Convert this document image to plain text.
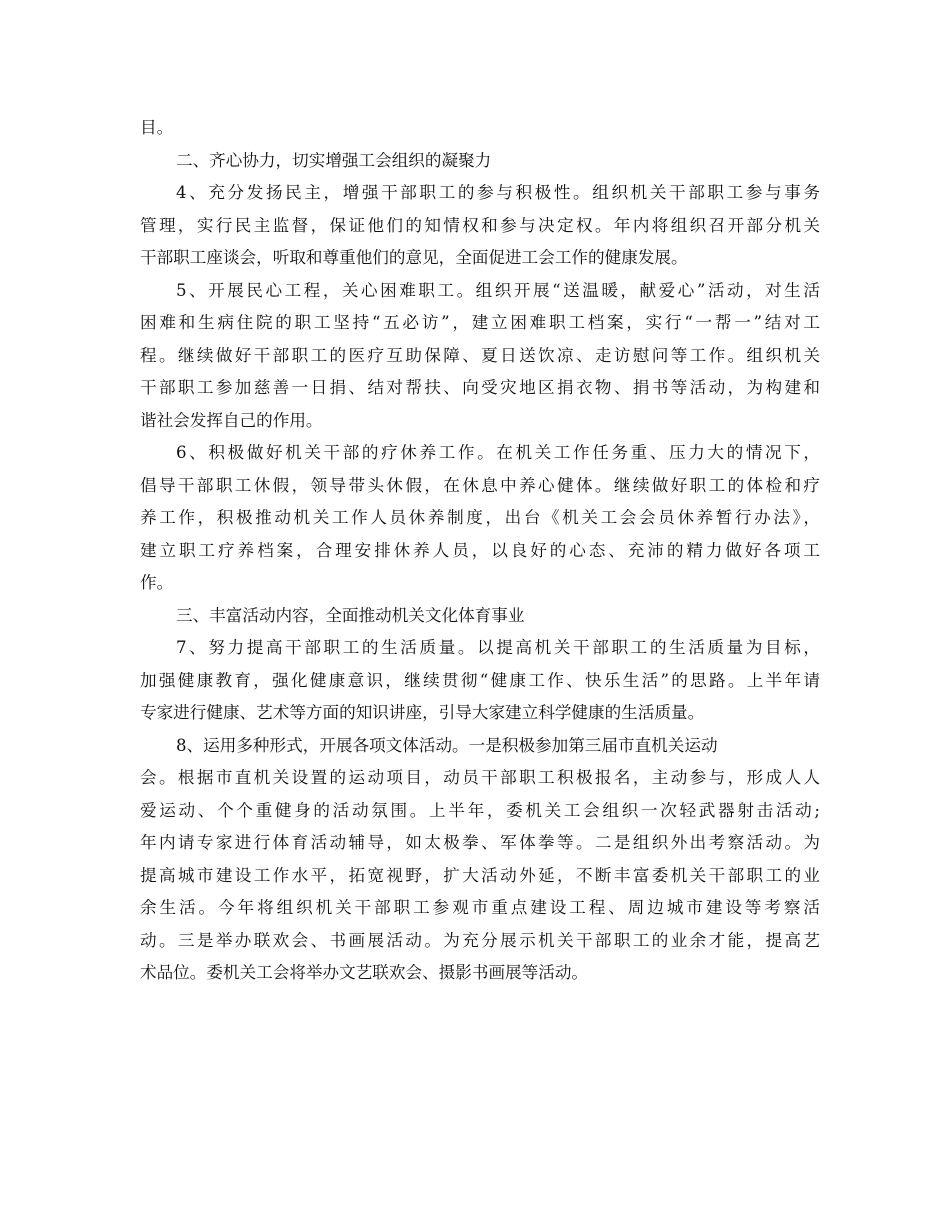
目。
二、齐心协力，切实增强工会组织的凝聚力
4、充分发扬民主，增强干部职工的参与积极性。组织机关干部职工参与事务
管理，实行民主监督，保证他们的知情权和参与决定权。年内将组织召开部分机关
干部职工座谈会，听取和尊重他们的意见，全面促进工会工作的健康发展。
5、开展民心工程，关心困难职工。组织开展“送温暖，献爱心”活动，对生活
困难和生病住院的职工坚持“五必访”，建立困难职工档案，实行“一帮一”结对工
程。继续做好干部职工的医疗互助保障、夏日送饮凉、走访慰问等工作。组织机关
干部职工参加慈善一日捐、结对帮扶、向受灾地区捐衣物、捐书等活动，为构建和
谐社会发挥自己的作用。
6、积极做好机关干部的疗休养工作。在机关工作任务重、压力大的情况下，
倡导干部职工休假，领导带头休假，在休息中养心健体。继续做好职工的体检和疗
养工作，积极推动机关工作人员休养制度，出台《机关工会会员休养暂行办法》，
建立职工疗养档案，合理安排休养人员，以良好的心态、充沛的精力做好各项工
作。
三、丰富活动内容，全面推动机关文化体育事业
7、努力提高干部职工的生活质量。以提高机关干部职工的生活质量为目标，
加强健康教育，强化健康意识，继续贯彻“健康工作、快乐生活”的思路。上半年请
专家进行健康、艺术等方面的知识讲座，引导大家建立科学健康的生活质量。
8、运用多种形式，开展各项文体活动。一是积极参加第三届市直机关运动
会。根据市直机关设置的运动项目，动员干部职工积极报名，主动参与，形成人人
爱运动、个个重健身的活动氛围。上半年，委机关工会组织一次轻武器射击活动;
年内请专家进行体育活动辅导，如太极拳、军体拳等。二是组织外出考察活动。为
提高城市建设工作水平，拓宽视野，扩大活动外延，不断丰富委机关干部职工的业
余生活。今年将组织机关干部职工参观市重点建设工程、周边城市建设等考察活
动。三是举办联欢会、书画展活动。为充分展示机关干部职工的业余才能，提高艺
术品位。委机关工会将举办文艺联欢会、摄影书画展等活动。
